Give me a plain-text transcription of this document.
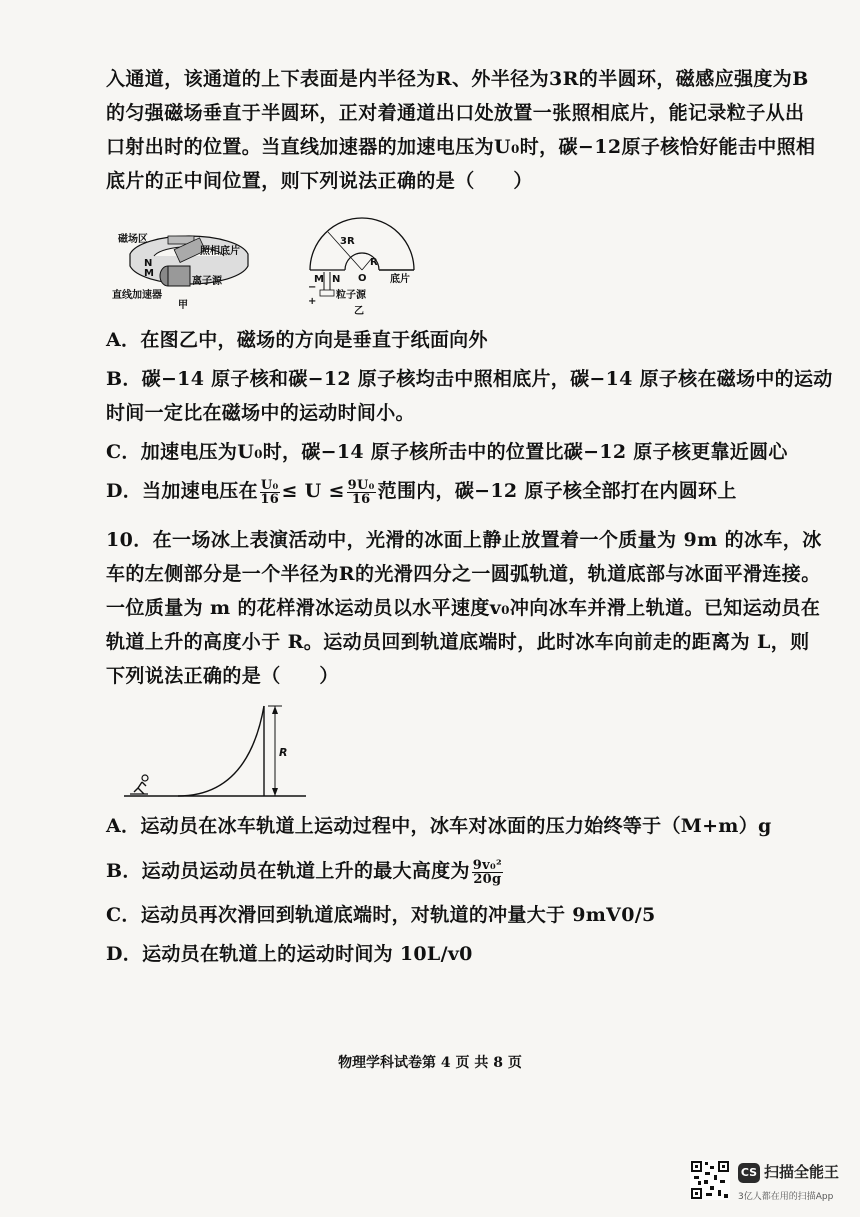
入通道，该通道的上下表面是内半径为R、外半径为3R的半圆环，磁感应强度为B
的匀强磁场垂直于半圆环，正对着通道出口处放置一张照相底片，能记录粒子从出
口射出时的位置。当直线加速器的加速电压为U₀时，碳−12原子核恰好能击中照相
底片的正中间位置，则下列说法正确的是（　　）
磁场区
照相底片
N
M
离子源
直线加速器
甲
3R
R
O
M N	底片
−
+
粒子源
乙
A．在图乙中，磁场的方向是垂直于纸面向外
B．碳−14 原子核和碳−12 原子核均击中照相底片，碳−14 原子核在磁场中的运动
时间一定比在磁场中的运动时间小。
C．加速电压为U₀时，碳−14 原子核所击中的位置比碳−12 原子核更靠近圆心
D．当加速电压在 $\frac{\text{U₀}}{16} \le U \le \frac{\text{9U₀}}{16}$ 范围内，碳−12 原子核全部打在内圆环上
10．在一场冰上表演活动中，光滑的冰面上静止放置着一个质量为 9m 的冰车，冰
车的左侧部分是一个半径为R的光滑四分之一圆弧轨道，轨道底部与冰面平滑连接。
一位质量为 m 的花样滑冰运动员以水平速度v₀冲向冰车并滑上轨道。已知运动员在
轨道上升的高度小于 R。运动员回到轨道底端时，此时冰车向前走的距离为 L，则
下列说法正确的是（　　）
R
A．运动员在冰车轨道上运动过程中，冰车对冰面的压力始终等于（M+m）g
B．运动员运动员在轨道上升的最大高度为 $\frac{\text{9v₀²}}{20g}$
C．运动员再次滑回到轨道底端时，对轨道的冲量大于 9mV0/5
D．运动员在轨道上的运动时间为 10L/v0
物理学科试卷第 4 页 共 8 页
CS 扫描全能王
3亿人都在用的扫描App
